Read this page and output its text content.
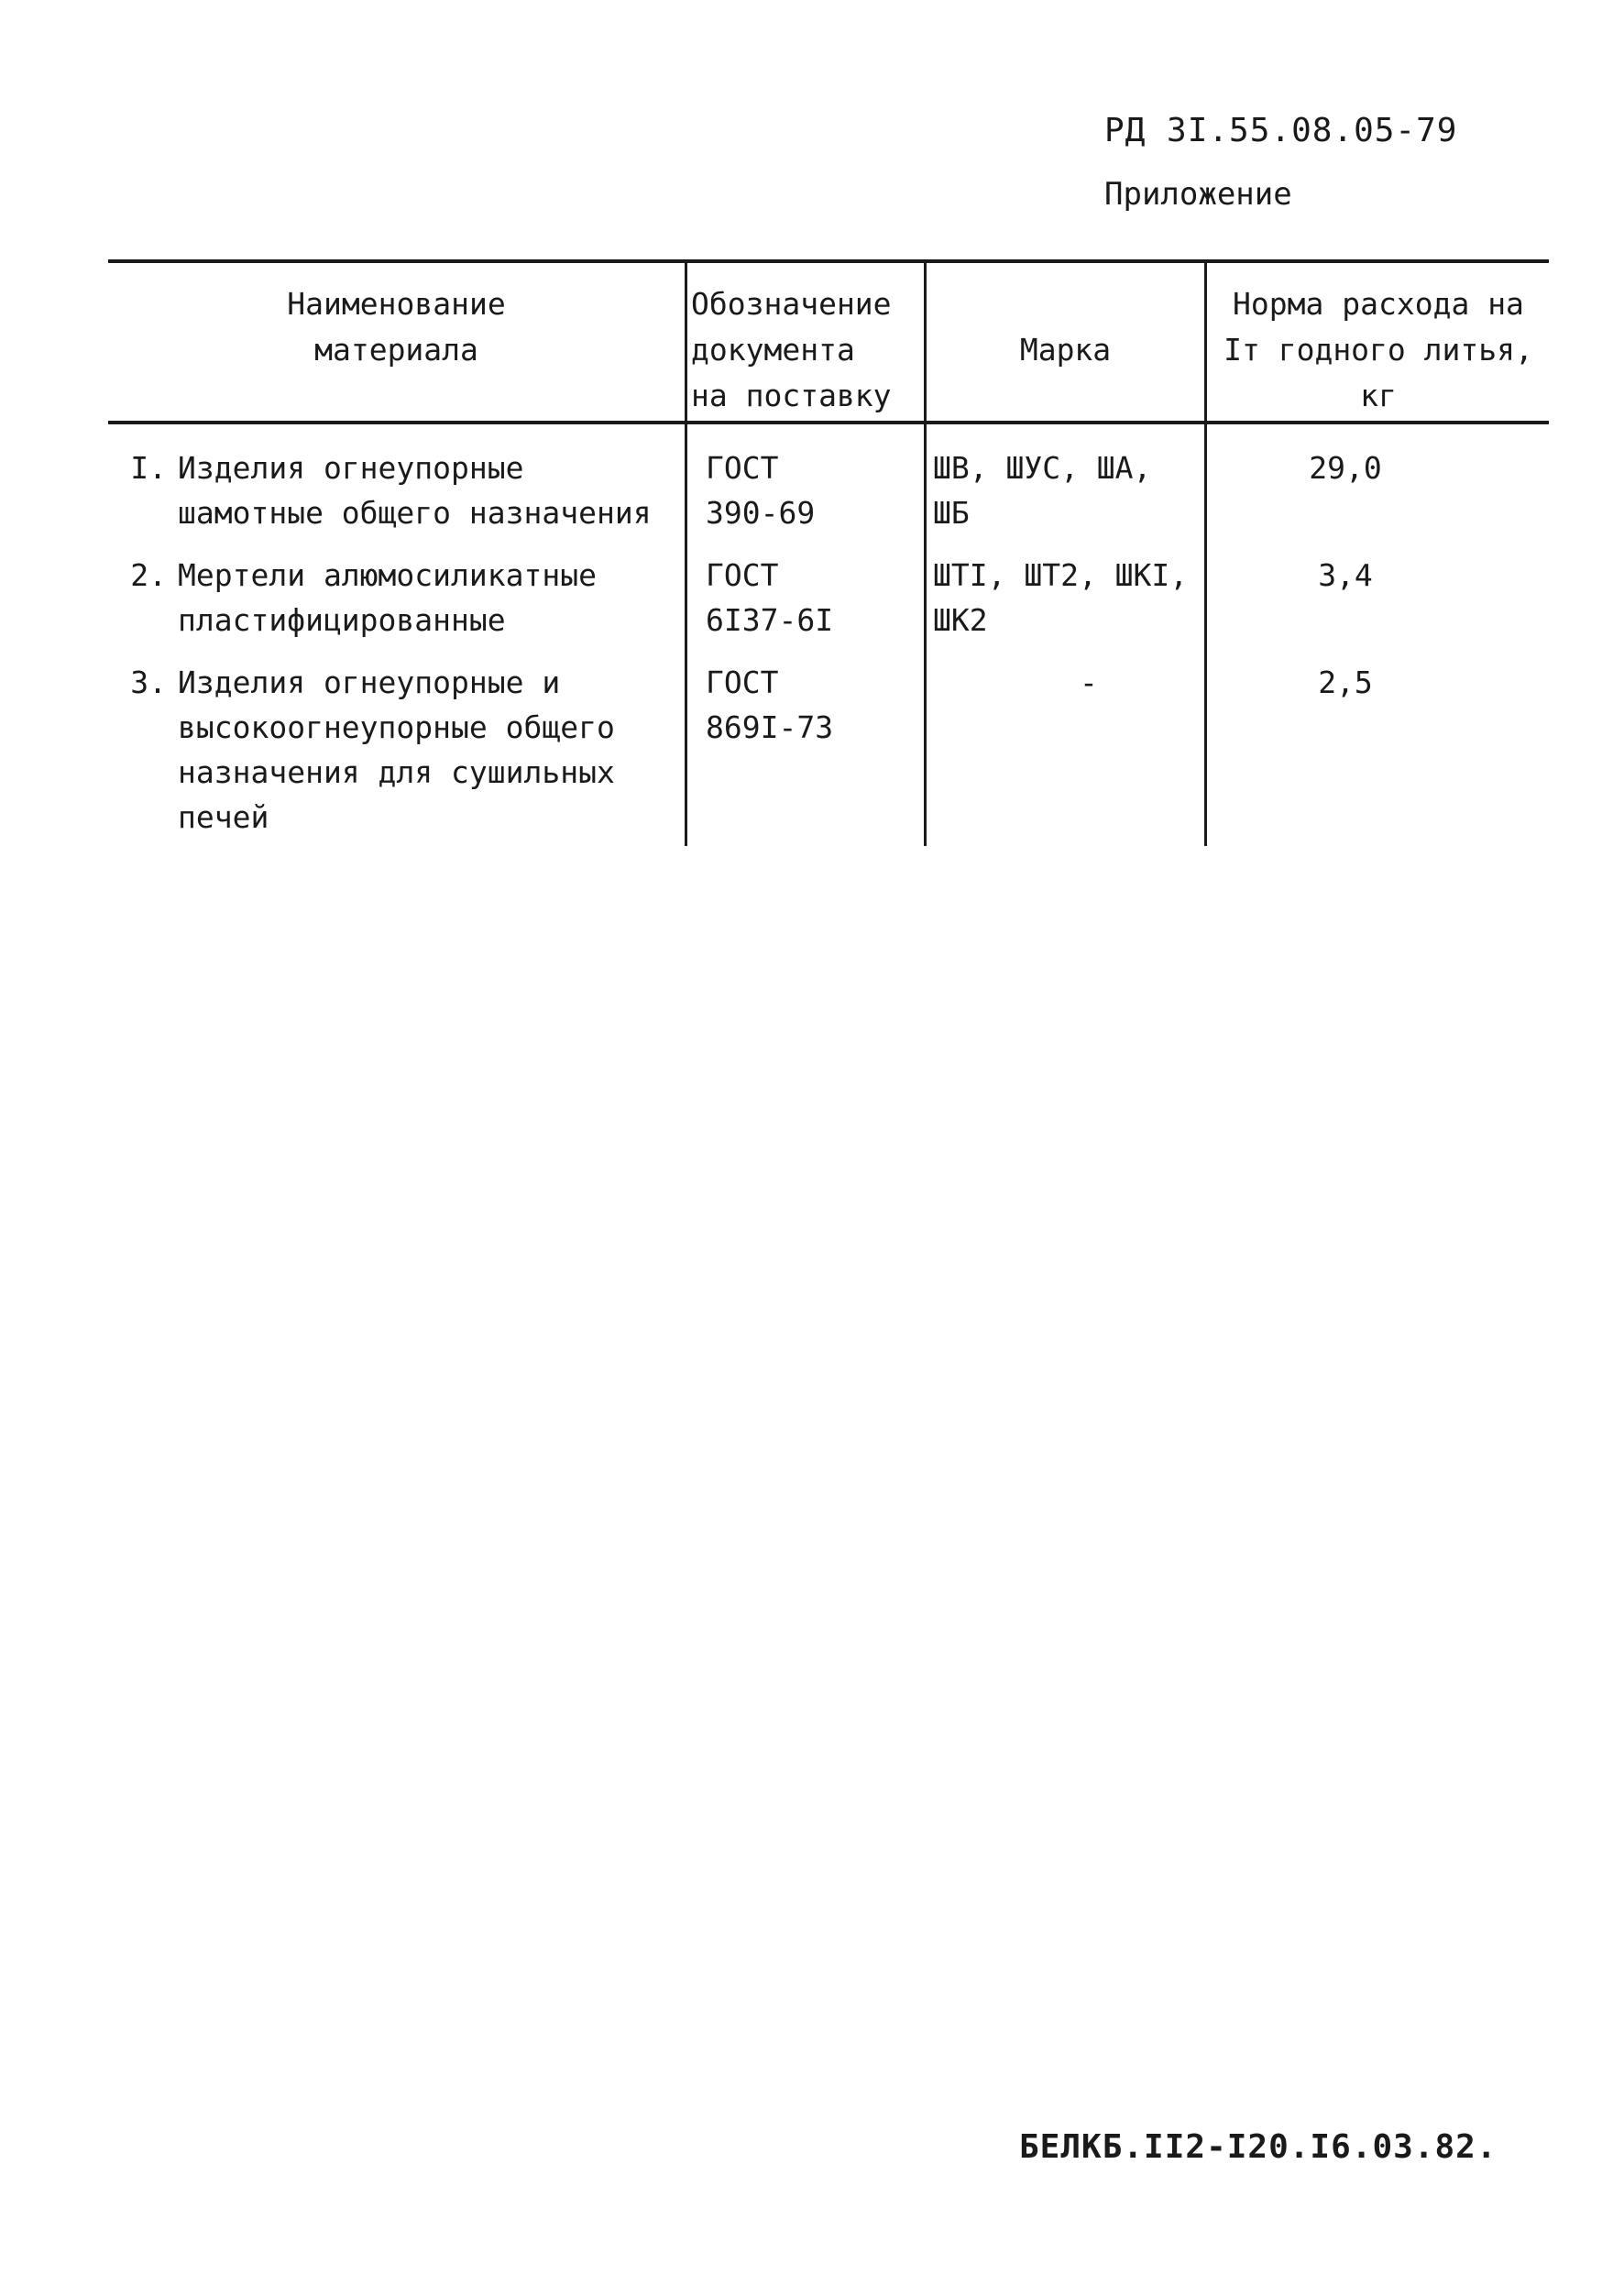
РД 3I.55.08.05-79
Приложение
Наименование
материала
Обозначение
документа
на поставку
Марка
Норма расхода на
Iт годного литья,
кг
I. Изделия огнеупорные
шамотные общего назначения
ГОСТ
390-69
ШВ, ШУС, ША,
ШБ
29,0
2. Мертели алюмосиликатные
пластифицированные
ГОСТ
6I37-6I
ШТI, ШТ2, ШКI,
ШК2
3,4
3. Изделия огнеупорные и
высокоогнеупорные общего
назначения для сушильных
печей
ГОСТ
869I-73
-	2,5
БЕЛКБ.II2-I20.I6.03.82.
